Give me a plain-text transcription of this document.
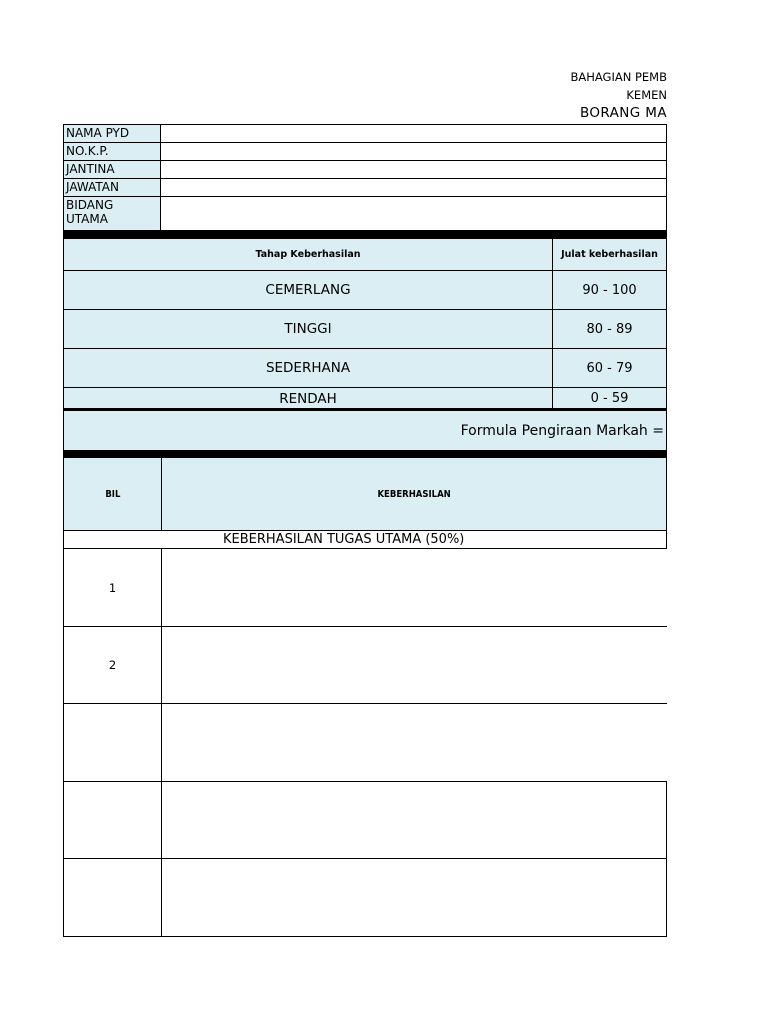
BAHAGIAN PEMB
KEMEN
BORANG MA
NAMA PYD
NO.K.P.
JANTINA
JAWATAN
BIDANG
UTAMA
Tahap Keberhasilan	Julat keberhasilan
CEMERLANG	90 - 100
TINGGI	80 - 89
SEDERHANA	60 - 79
RENDAH	0 - 59
Formula Pengiraan Markah =
BIL	KEBERHASILAN
KEBERHASILAN TUGAS UTAMA (50%)
1
2
